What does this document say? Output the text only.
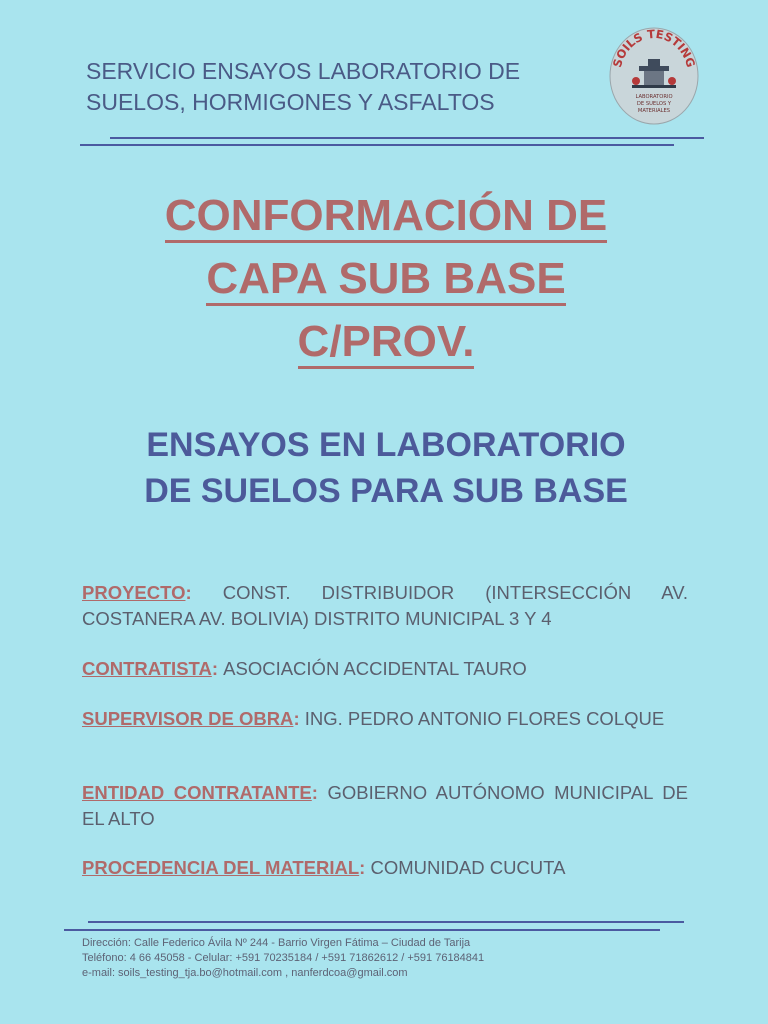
SERVICIO ENSAYOS LABORATORIO DE
SUELOS, HORMIGONES Y ASFALTOS
SOILS TESTING
LABORATORIO
DE SUELOS Y
MATERIALES
CONFORMACIÓN DE
CAPA SUB BASE
C/PROV.
ENSAYOS EN LABORATORIO
DE SUELOS PARA SUB BASE
PROYECTO: CONST. DISTRIBUIDOR (INTERSECCIÓN AV. COSTANERA AV. BOLIVIA) DISTRITO MUNICIPAL 3 Y 4
CONTRATISTA: ASOCIACIÓN ACCIDENTAL TAURO
SUPERVISOR DE OBRA: ING. PEDRO ANTONIO FLORES COLQUE
ENTIDAD CONTRATANTE: GOBIERNO AUTÓNOMO MUNICIPAL DE EL ALTO
PROCEDENCIA DEL MATERIAL: COMUNIDAD CUCUTA
Dirección: Calle Federico Ávila Nº 244 - Barrio Virgen Fátima – Ciudad de Tarija
Teléfono: 4 66 45058 - Celular: +591 70235184 / +591 71862612 / +591 76184841
e-mail: soils_testing_tja.bo@hotmail.com , nanferdcoa@gmail.com
